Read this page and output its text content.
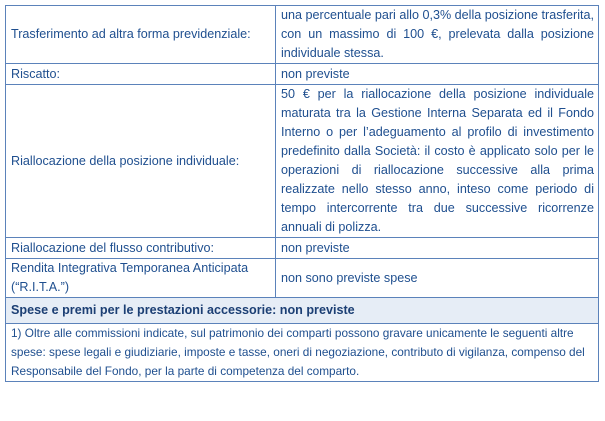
Trasferimento ad altra forma previdenziale:	una percentuale pari allo 0,3% della posizione trasferita, con un massimo di 100 €, prelevata dalla posizione individuale stessa.
Riscatto:	non previste
Riallocazione della posizione individuale:	50 € per la riallocazione della posizione individuale maturata tra la Gestione Interna Separata ed il Fondo Interno o per l’adeguamento al profilo di investimento predefinito dalla Società: il costo è applicato solo per le operazioni di riallocazione successive alla prima realizzate nello stesso anno, inteso come periodo di tempo intercorrente tra due successive ricorrenze annuali di polizza.
Riallocazione del flusso contributivo:	non previste
Rendita Integrativa Temporanea Anticipata (“R.I.T.A.”)	non sono previste spese
Spese e premi per le prestazioni accessorie: non previste	
1) Oltre alle commissioni indicate, sul patrimonio dei comparti possono gravare unicamente le seguenti altre spese: spese legali e giudiziarie, imposte e tasse, oneri di negoziazione, contributo di vigilanza, compenso del Responsabile del Fondo, per la parte di competenza del comparto.	
